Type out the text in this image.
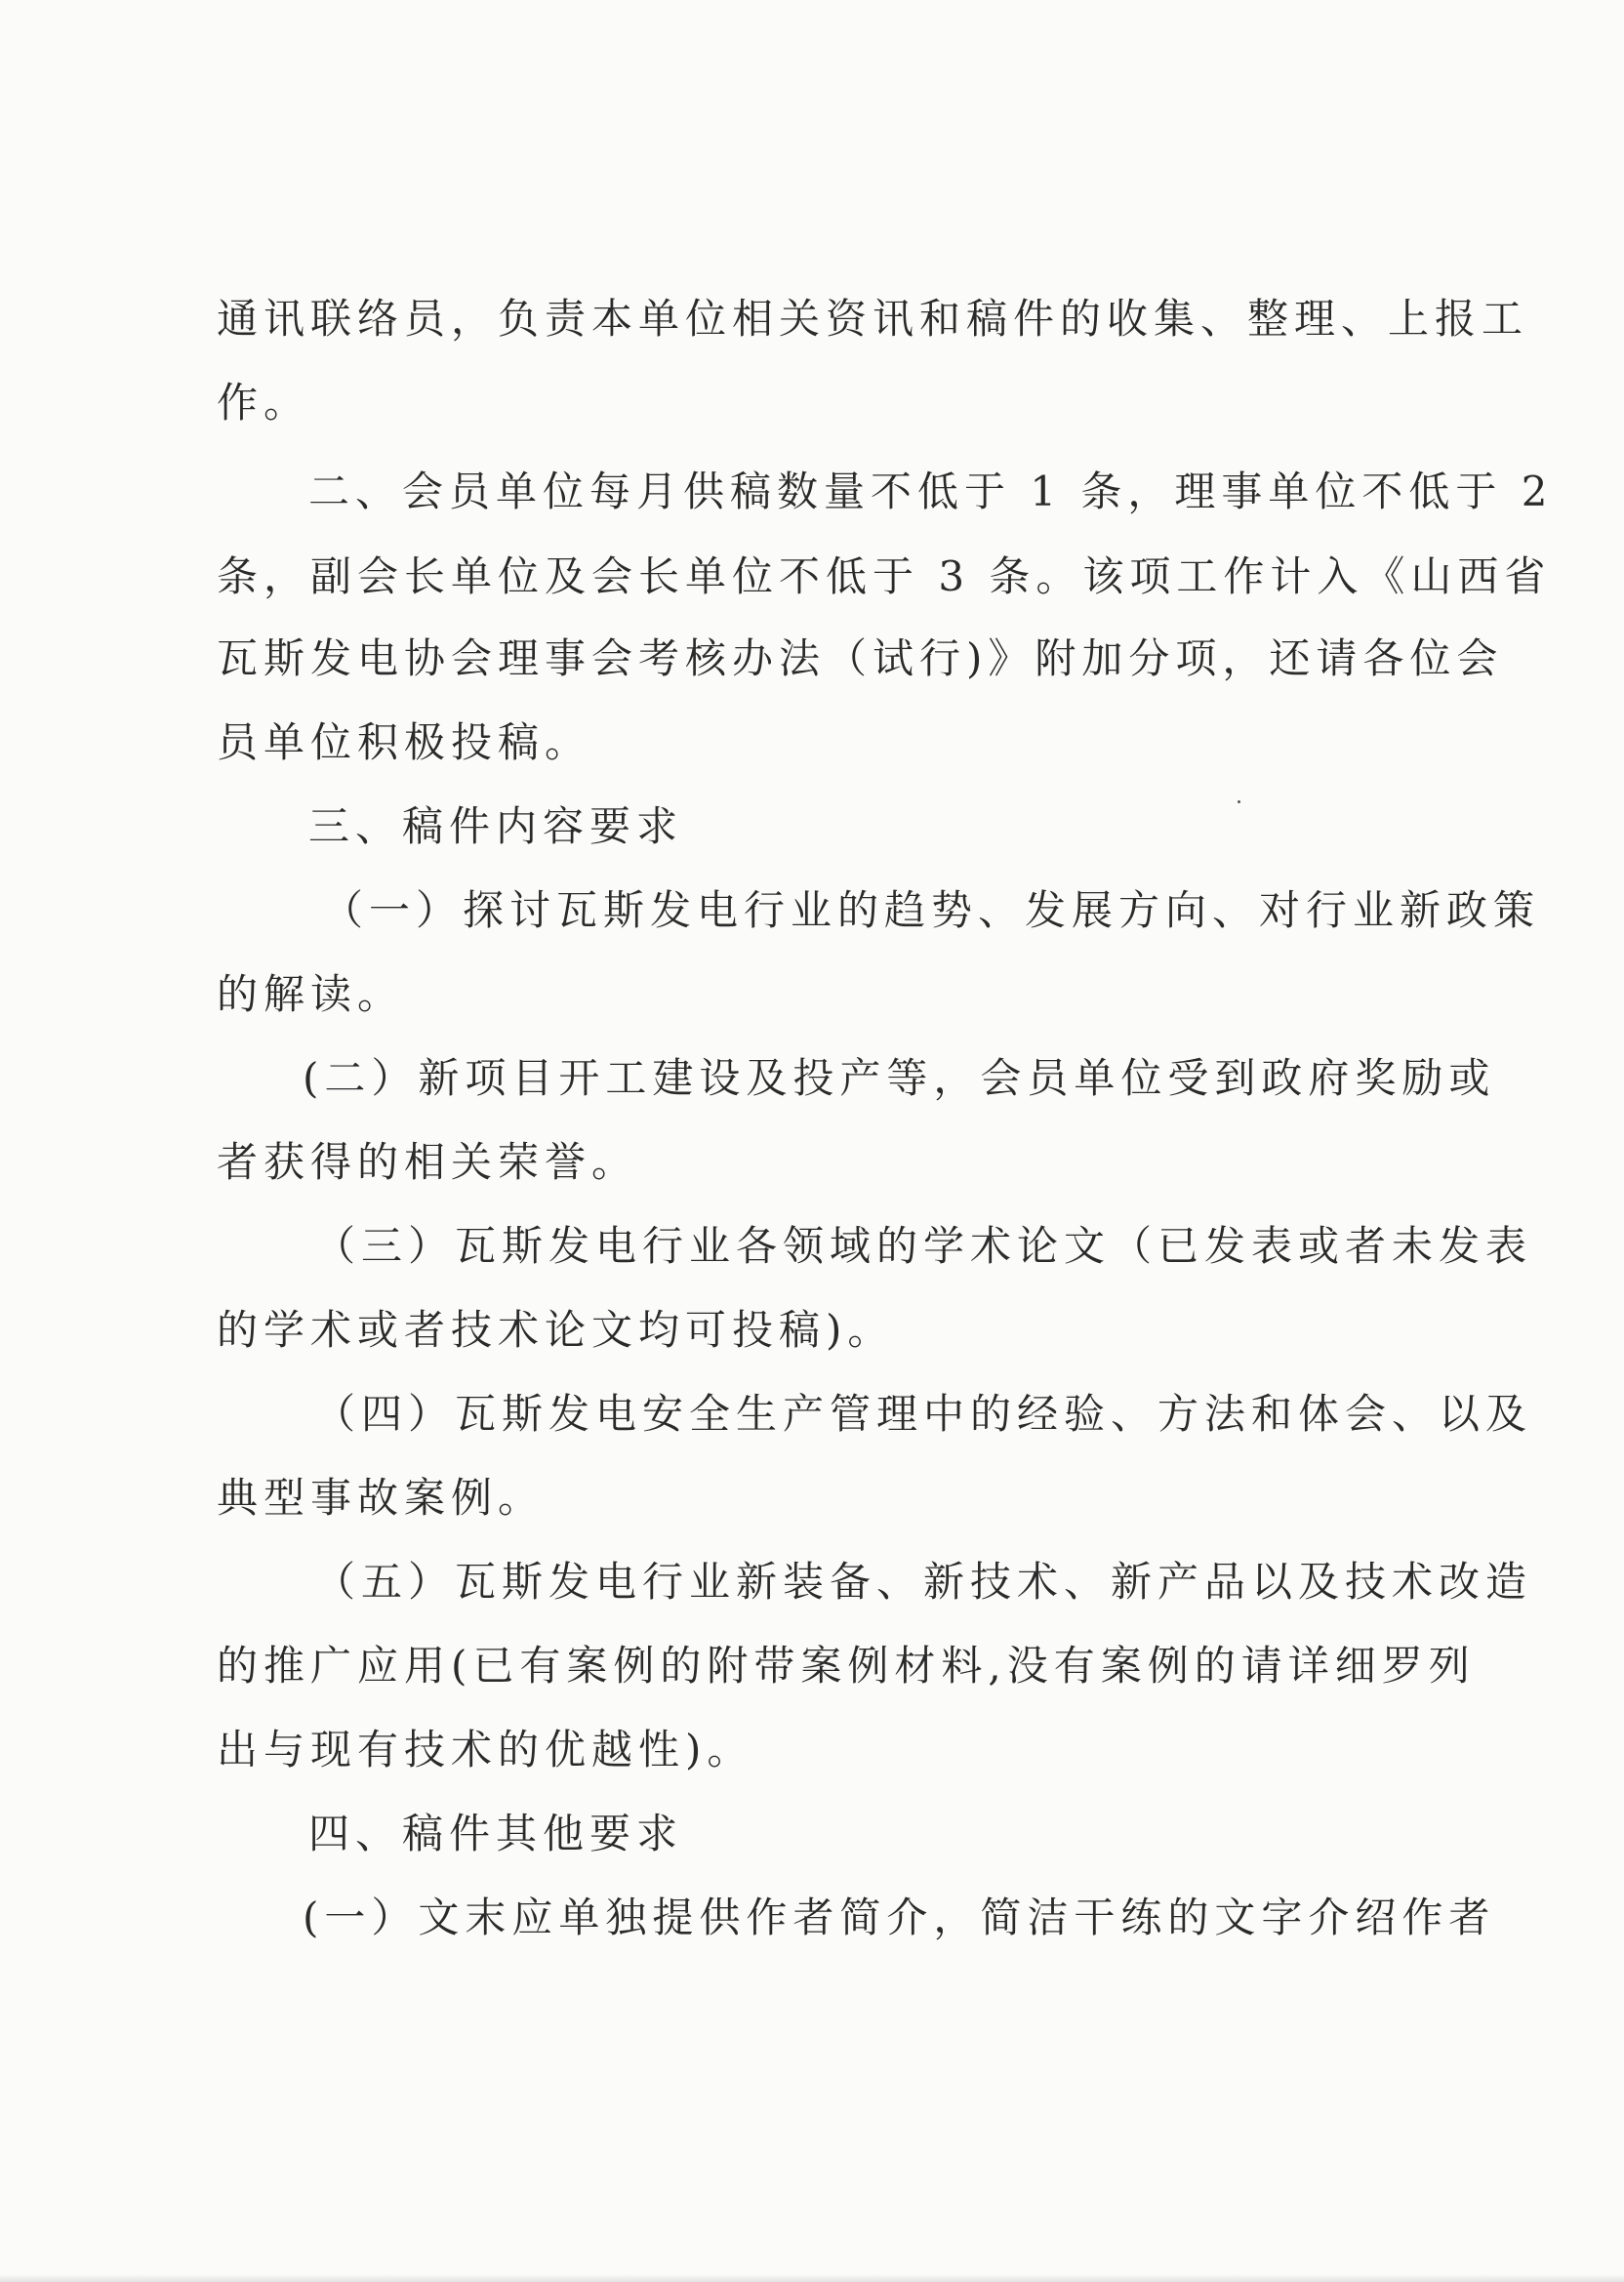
通讯联络员，负责本单位相关资讯和稿件的收集、整理、上报工
作。
二、会员单位每月供稿数量不低于 1 条，理事单位不低于 2
条，副会长单位及会长单位不低于 3 条。该项工作计入《山西省
瓦斯发电协会理事会考核办法（试行)》附加分项，还请各位会
员单位积极投稿。
三、稿件内容要求
（一）探讨瓦斯发电行业的趋势、发展方向、对行业新政策
的解读。
(二）新项目开工建设及投产等，会员单位受到政府奖励或
者获得的相关荣誉。
（三）瓦斯发电行业各领域的学术论文（已发表或者未发表
的学术或者技术论文均可投稿)。
（四）瓦斯发电安全生产管理中的经验、方法和体会、以及
典型事故案例。
（五）瓦斯发电行业新装备、新技术、新产品以及技术改造
的推广应用(已有案例的附带案例材料,没有案例的请详细罗列
出与现有技术的优越性)。
四、稿件其他要求
(一）文末应单独提供作者简介，简洁干练的文字介绍作者
